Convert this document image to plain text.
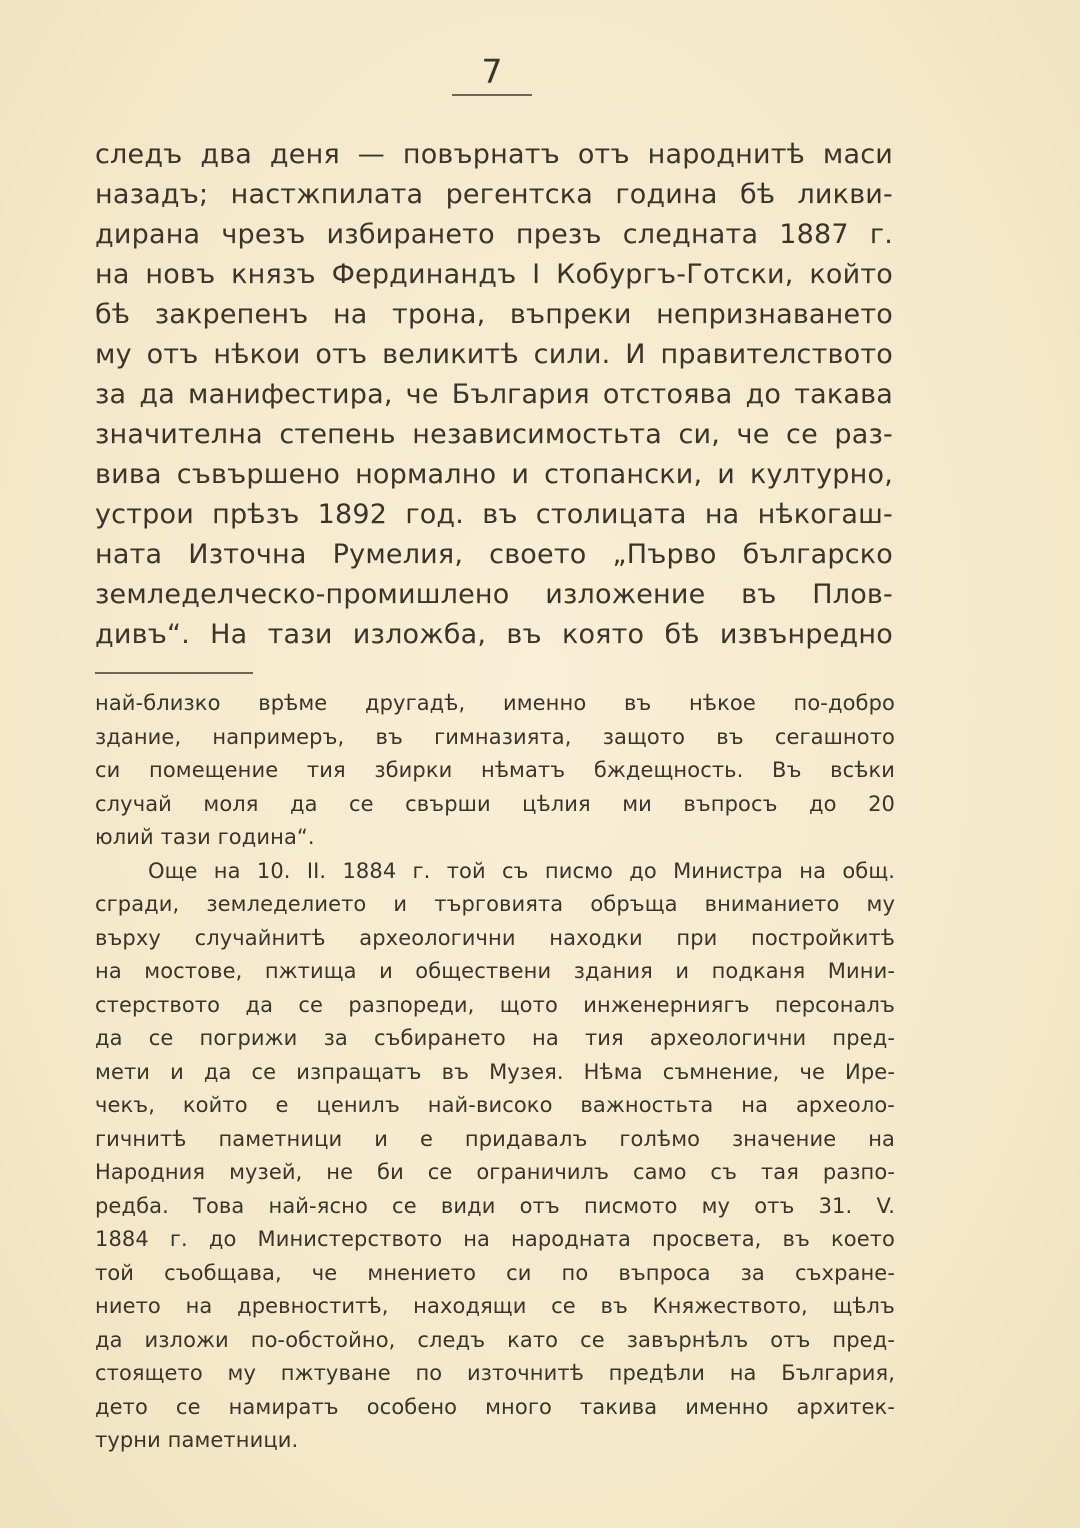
7
следъ два деня — повърнатъ отъ народнитѣ маси
назадъ; настжпилата регентска година бѣ ликви-
дирана чрезъ избирането презъ следната 1887 г.
на новъ князъ Фердинандъ I Кобургъ-Готски, който
бѣ закрепенъ на трона, въпреки непризнаването
му отъ нѣкои отъ великитѣ сили. И правителството
за да манифестира, че България отстоява до такава
значителна степень независимостьта си, че се раз-
вива съвършено нормално и стопански, и културно,
устрои прѣзъ 1892 год. въ столицата на нѣкогаш-
ната Източна Румелия, своето „Първо българско
земледелческо-промишлено изложение въ Плов-
дивъ“. На тази изложба, въ която бѣ извънредно
най-близко врѣме другадѣ, именно въ нѣкое по-добро
здание, напримеръ, въ гимназията, защото въ сегашното
си помещение тия збирки нѣматъ бждещность. Въ всѣки
случай моля да се свърши цѣлия ми въпросъ до 20
юлий тази година“.
Още на 10. II. 1884 г. той съ писмо до Министра на общ.
сгради, земледелието и търговията обръща вниманието му
върху случайнитѣ археологични находки при постройкитѣ
на мостове, пжтища и обществени здания и подканя Мини-
стерството да се разпореди, щото инженерниягъ персоналъ
да се погрижи за събирането на тия археологични пред-
мети и да се изпращатъ въ Музея. Нѣма съмнение, че Ире-
чекъ, който е ценилъ най-високо важностьта на археоло-
гичнитѣ паметници и е придавалъ голѣмо значение на
Народния музей, не би се ограничилъ само съ тая разпо-
редба. Това най-ясно се види отъ писмото му отъ 31. V.
1884 г. до Министерството на народната просвета, въ което
той съобщава, че мнението си по въпроса за съхране-
нието на древноститѣ, находящи се въ Княжеството, щѣлъ
да изложи по-обстойно, следъ като се завърнѣлъ отъ пред-
стоящето му пжтуване по източнитѣ предѣли на България,
дето се намиратъ особено много такива именно архитек-
турни паметници.
